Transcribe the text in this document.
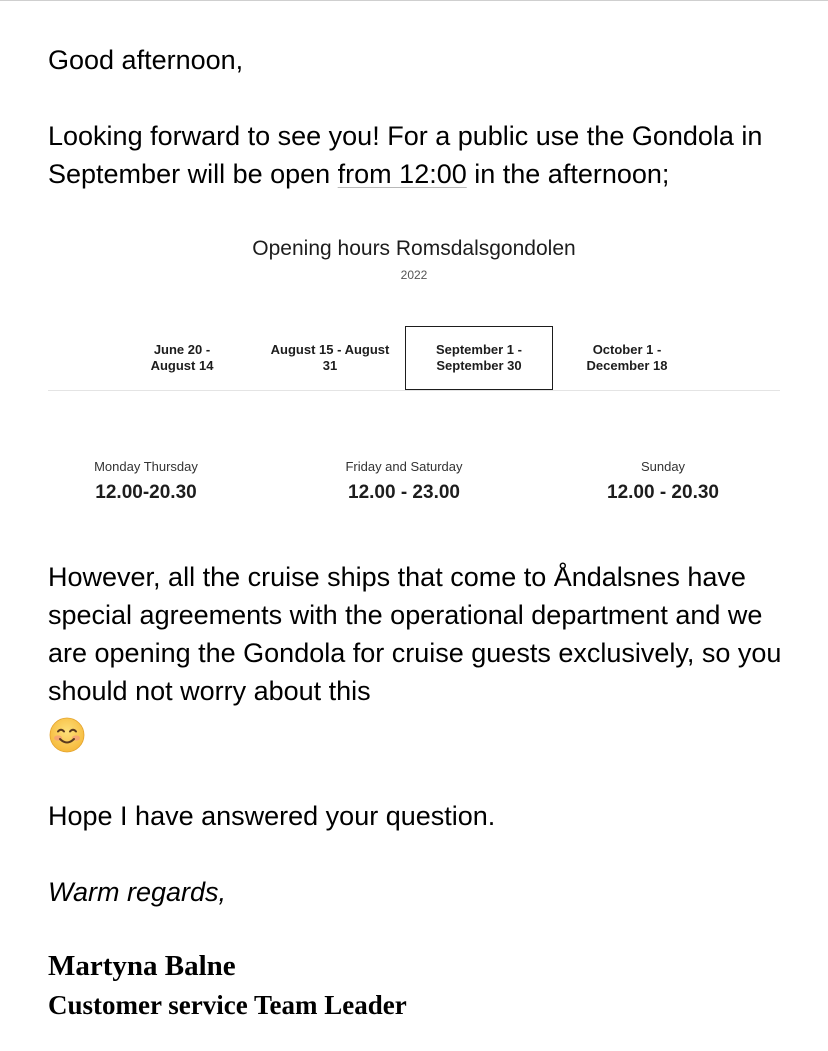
Good afternoon,

Looking forward to see you! For a public use the Gondola in September will be open from 12:00 in the afternoon;

Opening hours Romsdalsgondolen
2022
June 20 - August 14
August 15 - August 31
September 1 - September 30
October 1 - December 18
Monday Thursday
12.00-20.30
Friday and Saturday
12.00 - 23.00
Sunday
12.00 - 20.30

However, all the cruise ships that come to Åndalsnes have special agreements with the operational department and we are opening the Gondola for cruise guests exclusively, so you should not worry about this

Hope I have answered your question.

Warm regards,

Martyna Balne
Customer service Team Leader
